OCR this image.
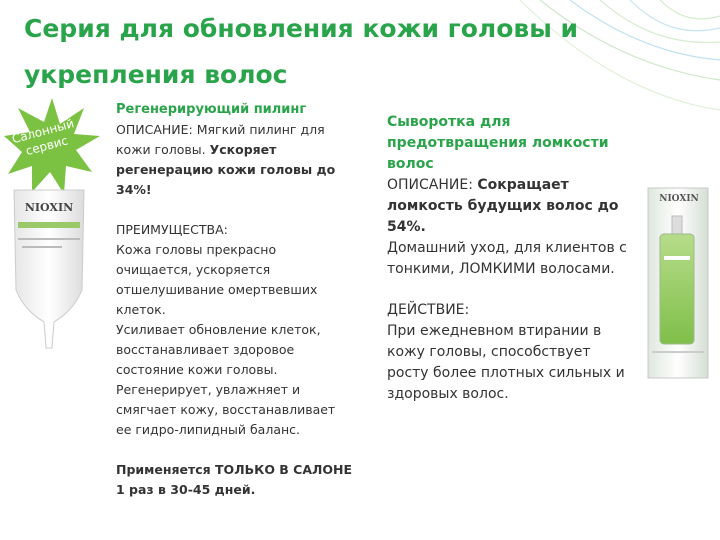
Серия для обновления кожи головы и укрепления волос
Салонный сервис
NIOXIN
NIOXIN

Регенерирующий пилинг

ОПИСАНИЕ: Мягкий пилинг для кожи головы. Ускоряет регенерацию кожи головы до 34%!

ПРЕИМУЩЕСТВА:

Кожа головы прекрасно очищается, ускоряется отшелушивание омертвевших клеток.

Усиливает обновление клеток, восстанавливает здоровое состояние кожи головы. Регенерирует, увлажняет и смягчает кожу, восстанавливает ее гидро-липидный баланс.

Применяется ТОЛЬКО В САЛОНЕ 1 раз в 30-45 дней.

Сыворотка для предотвращения ломкости волос

ОПИСАНИЕ: Сокращает ломкость будущих волос до 54%.

Домашний уход, для клиентов с тонкими, ЛОМКИМИ волосами.

ДЕЙСТВИЕ:

При ежедневном втирании в кожу головы, способствует росту более плотных сильных и здоровых волос.
